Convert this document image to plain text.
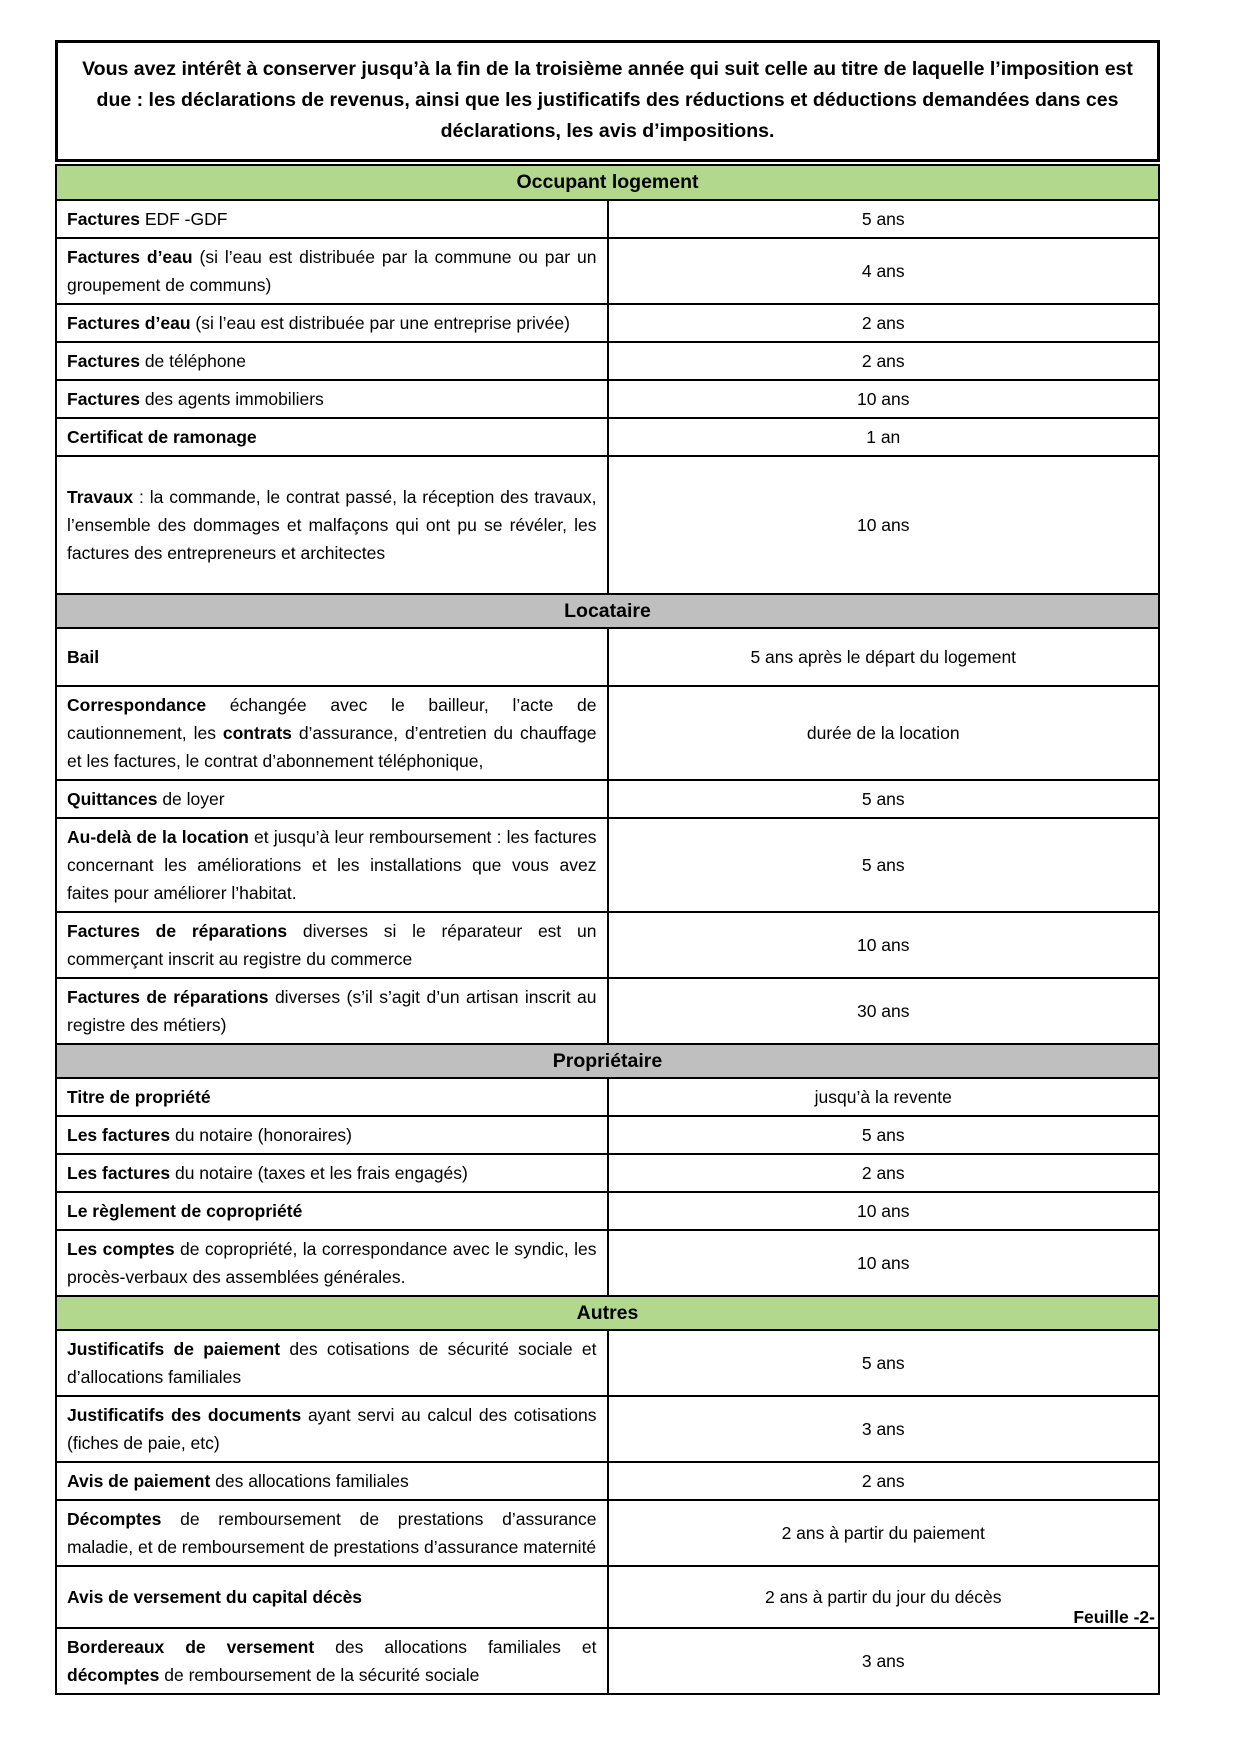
Vous avez intérêt à conserver jusqu’à la fin de la troisième année qui suit celle au titre de laquelle l’imposition est due : les déclarations de revenus, ainsi que les justificatifs des réductions et déductions demandées dans ces déclarations, les avis d’impositions.
Occupant logement	
Factures EDF -GDF	5 ans
Factures d’eau (si l’eau est distribuée par la commune ou par un groupement de communs)	4 ans
Factures d’eau (si l’eau est distribuée par une entreprise privée)	2 ans
Factures de téléphone	2 ans
Factures des agents immobiliers	10 ans
Certificat de ramonage	1 an
Travaux : la commande, le contrat passé, la réception des travaux, l’ensemble des dommages et malfaçons qui ont pu se révéler, les factures des entrepreneurs et architectes	10 ans
Locataire	
Bail	5 ans après le départ du logement
Correspondance échangée avec le bailleur, l’acte de cautionnement, les contrats d’assurance, d’entretien du chauffage et les factures, le contrat d’abonnement téléphonique,	durée de la location
Quittances de loyer	5 ans
Au-delà de la location et jusqu’à leur remboursement : les factures concernant les améliorations et les installations que vous avez faites pour améliorer l’habitat.	5 ans
Factures de réparations diverses si le réparateur est un commerçant inscrit au registre du commerce	10 ans
Factures de réparations diverses (s’il s’agit d’un artisan inscrit au registre des métiers)	30 ans
Propriétaire	
Titre de propriété	jusqu’à la revente
Les factures du notaire (honoraires)	5 ans
Les factures du notaire (taxes et les frais engagés)	2 ans
Le règlement de copropriété	10 ans
Les comptes de copropriété, la correspondance avec le syndic, les procès-verbaux des assemblées générales.	10 ans
Autres	
Justificatifs de paiement des cotisations de sécurité sociale et d’allocations familiales	5 ans
Justificatifs des documents ayant servi au calcul des cotisations (fiches de paie, etc)	3 ans
Avis de paiement des allocations familiales	2 ans
Décomptes de remboursement de prestations d’assurance maladie, et de remboursement de prestations d’assurance maternité	2 ans à partir du paiement
Avis de versement du capital décès	2 ans à partir du jour du décès
Bordereaux de versement des allocations familiales et décomptes de remboursement de la sécurité sociale	3 ans
Feuille -2-
